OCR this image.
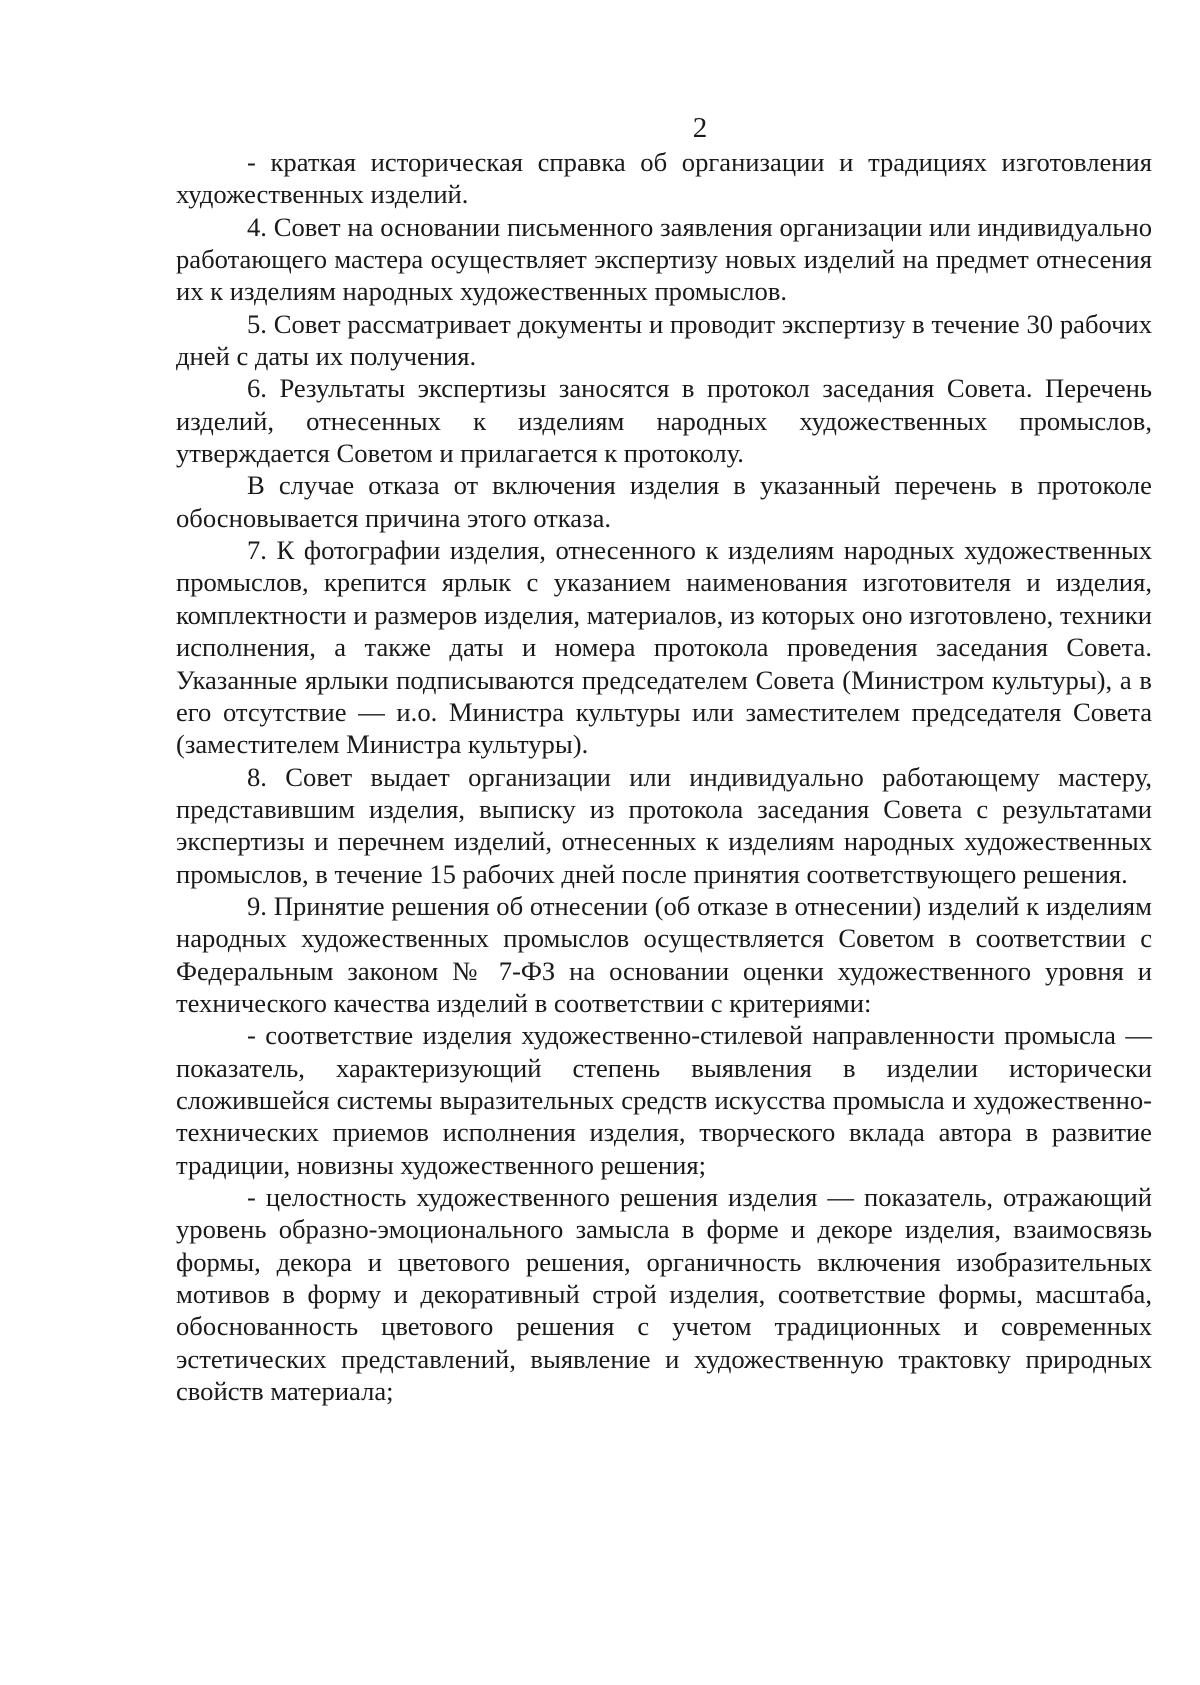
2

- краткая историческая справка об организации и традициях изготовления художественных изделий.

4. Совет на основании письменного заявления организации или индивидуально работающего мастера осуществляет экспертизу новых изделий на предмет отнесения их к изделиям народных художественных промыслов.

5. Совет рассматривает документы и проводит экспертизу в течение 30 рабочих дней с даты их получения.

6. Результаты экспертизы заносятся в протокол заседания Совета. Перечень изделий, отнесенных к изделиям народных художественных промыслов, утверждается Советом и прилагается к протоколу.

В случае отказа от включения изделия в указанный перечень в протоколе обосновывается причина этого отказа.

7. К фотографии изделия, отнесенного к изделиям народных художественных промыслов, крепится ярлык с указанием наименования изготовителя и изделия, комплектности и размеров изделия, материалов, из которых оно изготовлено, техники исполнения, а также даты и номера протокола проведения заседания Совета. Указанные ярлыки подписываются председателем Совета (Министром культуры), а в его отсутствие — и.о. Министра культуры или заместителем председателя Совета (заместителем Министра культуры).

8. Совет выдает организации или индивидуально работающему мастеру, представившим изделия, выписку из протокола заседания Совета с результатами экспертизы и перечнем изделий, отнесенных к изделиям народных художественных промыслов, в течение 15 рабочих дней после принятия соответствующего решения.

9. Принятие решения об отнесении (об отказе в отнесении) изделий к изделиям народных художественных промыслов осуществляется Советом в соответствии с Федеральным законом № 7-ФЗ на основании оценки художественного уровня и технического качества изделий в соответствии с критериями:

- соответствие изделия художественно-стилевой направленности промысла — показатель, характеризующий степень выявления в изделии исторически сложившейся системы выразительных средств искусства промысла и художественно-технических приемов исполнения изделия, творческого вклада автора в развитие традиции, новизны художественного решения;

- целостность художественного решения изделия — показатель, отражающий уровень образно-эмоционального замысла в форме и декоре изделия, взаимосвязь формы, декора и цветового решения, органичность включения изобразительных мотивов в форму и декоративный строй изделия, соответствие формы, масштаба, обоснованность цветового решения с учетом традиционных и современных эстетических представлений, выявление и художественную трактовку природных свойств материала;
